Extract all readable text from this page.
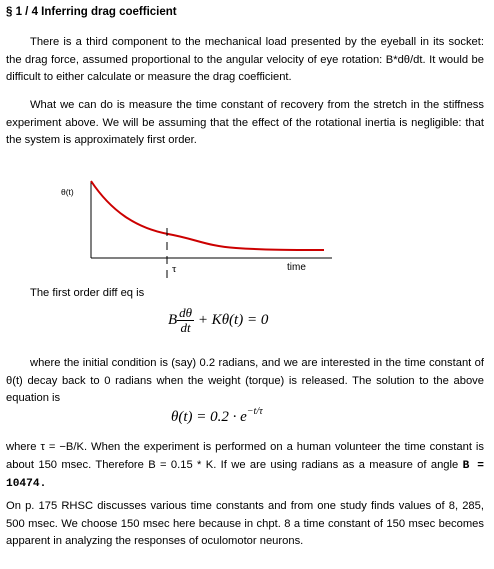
§ 1 / 4 Inferring drag coefficient
There is a third component to the mechanical load presented by the eyeball in its socket: the drag force, assumed proportional to the angular velocity of eye rotation: B*dθ/dt. It would be difficult to either calculate or measure the drag coefficient.
What we can do is measure the time constant of recovery from the stretch in the stiffness experiment above. We will be assuming that the effect of the rotational inertia is negligible: that the system is approximately first order.
θ(t)
time
τ
The first order diff eq is
B $\frac{d\theta}{dt} + K\theta(t) = 0$
where the initial condition is (say) 0.2 radians, and we are interested in the time constant of θ(t) decay back to 0 radians when the weight (torque) is released. The solution to the above equation is
$\theta(t) = 0.2 \cdot e^{-t/\tau}$
where τ = −B/K. When the experiment is performed on a human volunteer the time constant is about 150 msec. Therefore B = 0.15 * K. If we are using radians as a measure of angle B = 10474.
On p. 175 RHSC discusses various time constants and from one study finds values of 8, 285, 500 msec. We choose 150 msec here because in chpt. 8 a time constant of 150 msec becomes apparent in analyzing the responses of oculomotor neurons.
